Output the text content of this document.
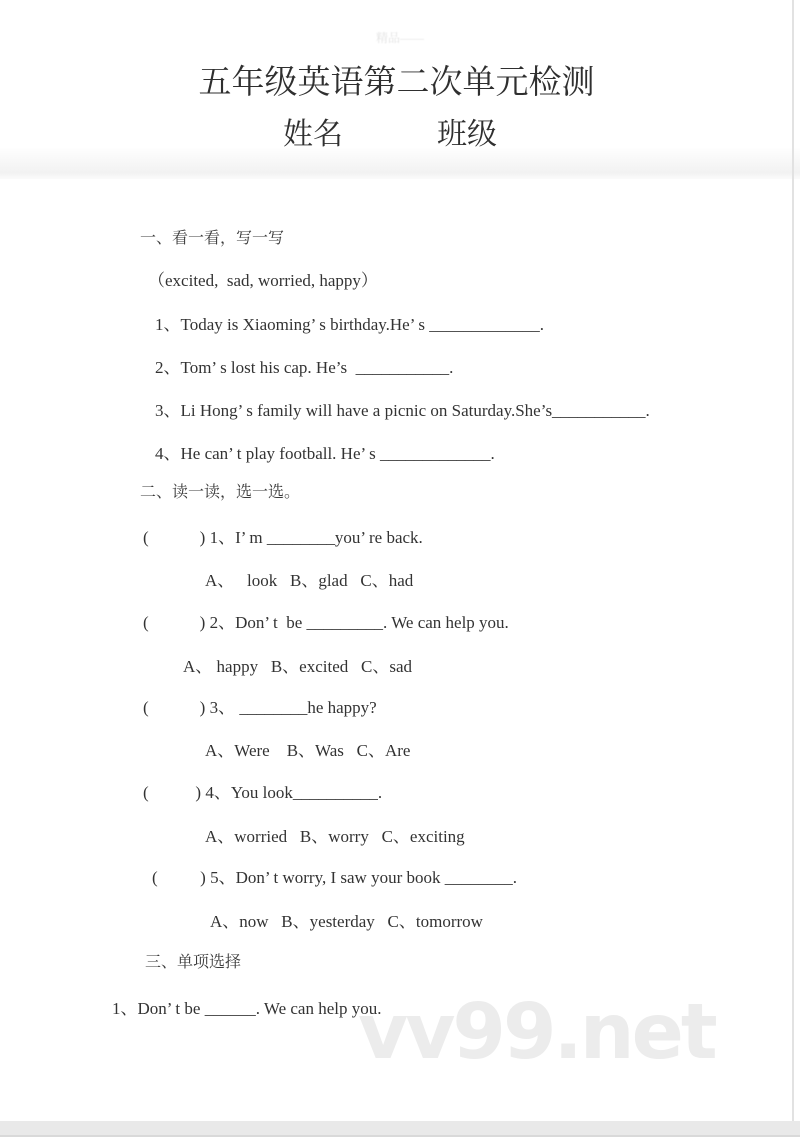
精品——
五年级英语第二次单元检测
姓名	班级
一、看一看，写一写
（excited,  sad, worried, happy）
1、Today is Xiaoming’ s birthday.He’ s _____________.
2、Tom’ s lost his cap. He’s  ___________.
3、Li Hong’ s family will have a picnic on Saturday.She’s___________.
4、He can’ t play football. He’ s _____________.
二、读一读，选一选。
(            ) 1、I’ m ________you’ re back.
A、   look   B、glad   C、had
(            ) 2、Don’ t  be _________. We can help you.
A、 happy   B、excited   C、sad
(            ) 3、 ________he happy?
A、Were    B、Was   C、Are
(           ) 4、You look__________.
A、worried   B、worry   C、exciting
(          ) 5、Don’ t worry, I saw your book ________.
A、now   B、yesterday   C、tomorrow
三、单项选择
1、Don’ t be ______. We can help you.
vv99.net
